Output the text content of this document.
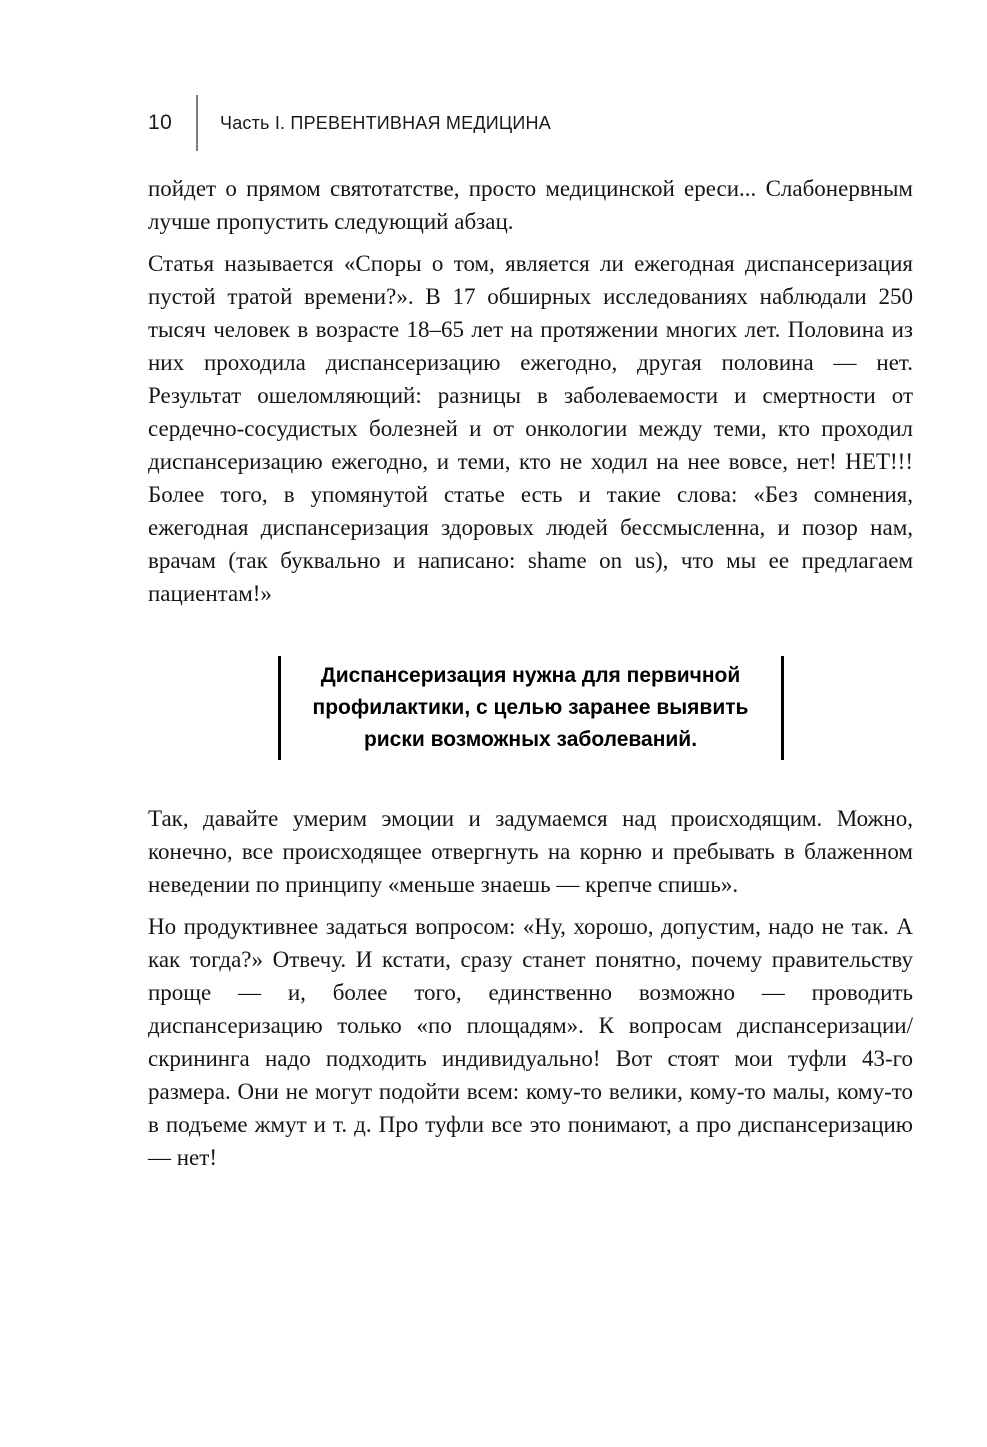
10	Часть I. ПРЕВЕНТИВНАЯ МЕДИЦИНА

пойдет о прямом святотатстве, просто медицинской ереси... Слабонервным лучше пропустить следующий абзац.

Статья называется «Споры о том, является ли ежегодная диспансеризация пустой тратой времени?». В 17 обширных исследованиях наблюдали 250 тысяч человек в возрасте 18–65 лет на протяжении многих лет. Половина из них проходила диспансеризацию ежегодно, другая половина — нет. Результат ошеломляющий: разницы в заболеваемости и смертности от сердечно-сосудистых болезней и от онкологии между теми, кто проходил диспансеризацию ежегодно, и теми, кто не ходил на нее вовсе, нет! НЕТ!!! Более того, в упомянутой статье есть и такие слова: «Без сомнения, ежегодная диспансеризация здоровых людей бессмысленна, и позор нам, врачам (так буквально и написано: shame on us), что мы ее предлагаем пациентам!»

Диспансеризация нужна для первичной профилактики, с целью заранее выявить риски возможных заболеваний.

Так, давайте умерим эмоции и задумаемся над происходящим. Можно, конечно, все происходящее отвергнуть на корню и пребывать в блаженном неведении по принципу «меньше знаешь — крепче спишь».

Но продуктивнее задаться вопросом: «Ну, хорошо, допустим, надо не так. А как тогда?» Отвечу. И кстати, сразу станет понятно, почему правительству проще — и, более того, единственно возможно — проводить диспансеризацию только «по площадям». К вопросам диспансеризации/скрининга надо подходить индивидуально! Вот стоят мои туфли 43-го размера. Они не могут подойти всем: кому-то велики, кому-то малы, кому-то в подъеме жмут и т. д. Про туфли все это понимают, а про диспансеризацию — нет!
